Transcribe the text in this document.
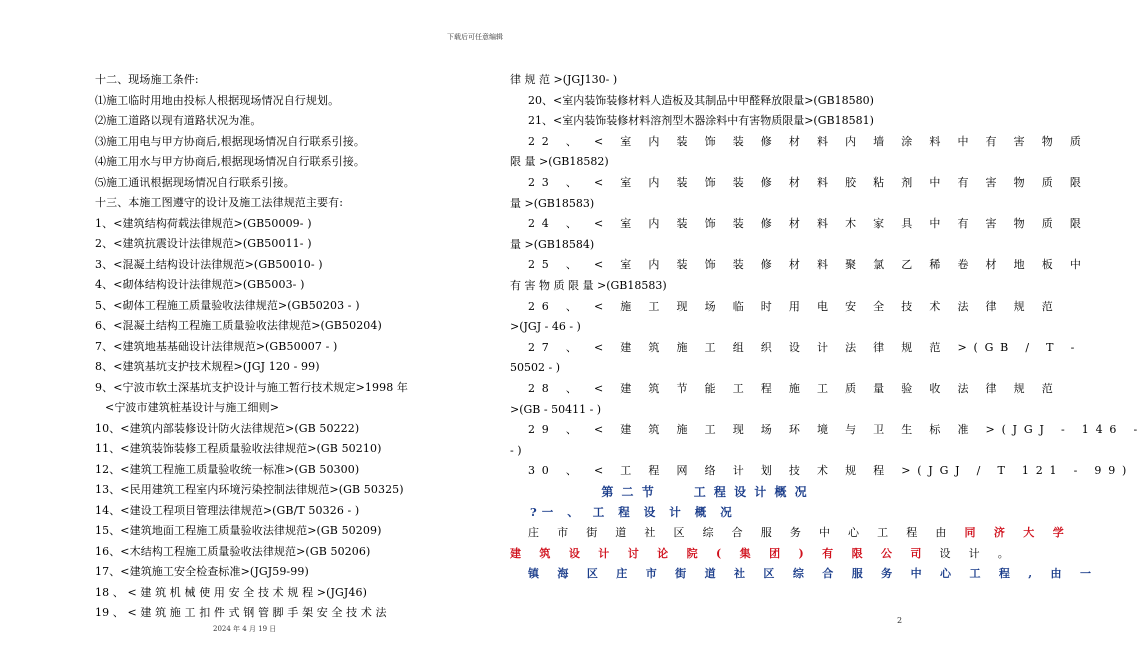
下载后可任意编辑
十二、现场施工条件:
⑴施工临时用地由投标人根据现场情况自行规划。
⑵施工道路以现有道路状况为准。
⑶施工用电与甲方协商后,根据现场情况自行联系引接。
⑷施工用水与甲方协商后,根据现场情况自行联系引接。
⑸施工通讯根据现场情况自行联系引接。
十三、本施工图遵守的设计及施工法律规范主要有:
1、<建筑结构荷载法律规范>(GB50009- )
2、<建筑抗震设计法律规范>(GB50011- )
3、<混凝土结构设计法律规范>(GB50010- )
4、<砌体结构设计法律规范>(GB5003- )
5、<砌体工程施工质量验收法律规范>(GB50203 - )
6、<混凝土结构工程施工质量验收法律规范>(GB50204)
7、<建筑地基基础设计法律规范>(GB50007 - )
8、<建筑基坑支护技术规程>(JGJ 120 - 99)
9、<宁波市软土深基坑支护设计与施工暂行技术规定>1998 年
<宁波市建筑桩基设计与施工细则>
10、<建筑内部装修设计防火法律规范>(GB 50222)
11、<建筑装饰装修工程质量验收法律规范>(GB 50210)
12、<建筑工程施工质量验收统一标准>(GB 50300)
13、<民用建筑工程室内环境污染控制法律规范>(GB 50325)
14、<建设工程项目管理法律规范>(GB/T 50326 - )
15、<建筑地面工程施工质量验收法律规范>(GB 50209)
16、<木结构工程施工质量验收法律规范>(GB 50206)
17、<建筑施工安全检查标准>(JGJ59-99)
18 、 < 建 筑 机 械 使 用 安 全 技 术 规 程 >(JGJ46)
19 、 < 建 筑 施 工 扣 件 式 钢 管 脚 手 架 安 全 技 术 法
律 规 范 >(JGJ130- )
20、<室内装饰装修材料人造板及其制品中甲醛释放限量>(GB18580)
21、<室内装饰装修材料溶剂型木器涂料中有害物质限量>(GB18581)
22 、 < 室 内 装 饰 装 修 材 料 内 墙 涂 料 中 有 害 物 质
限 量 >(GB18582)
23 、 < 室 内 装 饰 装 修 材 料 胶 粘 剂 中 有 害 物 质 限
量 >(GB18583)
24 、 < 室 内 装 饰 装 修 材 料 木 家 具 中 有 害 物 质 限
量 >(GB18584)
25 、 < 室 内 装 饰 装 修 材 料 聚 氯 乙 稀 卷 材 地 板 中
有 害 物 质 限 量 >(GB18583)
26 、 < 施 工 现 场 临 时 用 电 安 全 技 术 法 律 规 范
>(JGJ - 46 - )
27 、 < 建 筑 施 工 组 织 设 计 法 律 规 范 >(GB / T -
50502 - )
28 、 < 建 筑 节 能 工 程 施 工 质 量 验 收 法 律 规 范
>(GB - 50411 - )
29 、 < 建 筑 施 工 现 场 环 境 与 卫 生 标 准 >(JGJ - 146 -
- )
30 、 < 工 程 网 络 计 划 技 术 规 程 >(JGJ / T 121 - 99)
第 二 节	工 程 设 计 概 况
?一 、 工 程 设 计 概 况
庄 市 街 道 社 区 综 合 服 务 中 心 工 程 由 同 济 大 学
建 筑 设 计 讨 论 院 ( 集 团 ) 有 限 公 司 设 计 。
镇 海 区 庄 市 街 道 社 区 综 合 服 务 中 心 工 程 , 由 一
2024 年 4 月 19 日
2
